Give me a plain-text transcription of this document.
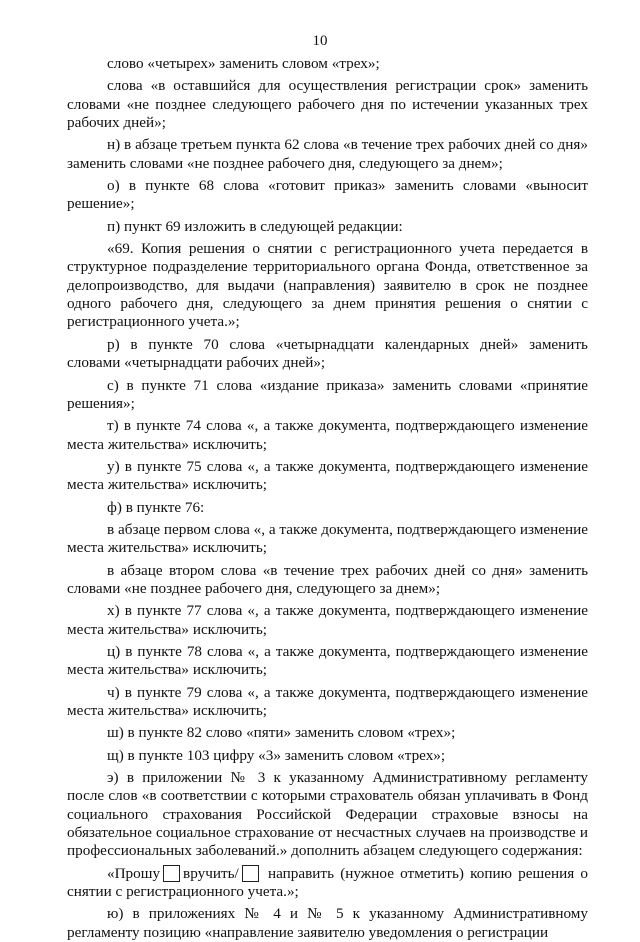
10

слово «четырех» заменить словом «трех»;

слова «в оставшийся для осуществления регистрации срок» заменить словами «не позднее следующего рабочего дня по истечении указанных трех рабочих дней»;

н) в абзаце третьем пункта 62 слова «в течение трех рабочих дней со дня» заменить словами «не позднее рабочего дня, следующего за днем»;

о) в пункте 68 слова «готовит приказ» заменить словами «выносит решение»;

п) пункт 69 изложить в следующей редакции:

«69. Копия решения о снятии с регистрационного учета передается в структурное подразделение территориального органа Фонда, ответственное за делопроизводство, для выдачи (направления) заявителю в срок не позднее одного рабочего дня, следующего за днем принятия решения о снятии с регистрационного учета.»;

р) в пункте 70 слова «четырнадцати календарных дней» заменить словами «четырнадцати рабочих дней»;

с) в пункте 71 слова «издание приказа» заменить словами «принятие решения»;

т) в пункте 74 слова «, а также документа, подтверждающего изменение места жительства» исключить;

у) в пункте 75 слова «, а также документа, подтверждающего изменение места жительства» исключить;

ф) в пункте 76:

в абзаце первом слова «, а также документа, подтверждающего изменение места жительства» исключить;

в абзаце втором слова «в течение трех рабочих дней со дня» заменить словами «не позднее рабочего дня, следующего за днем»;

х) в пункте 77 слова «, а также документа, подтверждающего изменение места жительства» исключить;

ц) в пункте 78 слова «, а также документа, подтверждающего изменение места жительства» исключить;

ч) в пункте 79 слова «, а также документа, подтверждающего изменение места жительства» исключить;

ш) в пункте 82 слово «пяти» заменить словом «трех»;

щ) в пункте 103 цифру «3» заменить словом «трех»;

э) в приложении № 3 к указанному Административному регламенту после слов «в соответствии с которыми страхователь обязан уплачивать в Фонд социального страхования Российской Федерации страховые взносы на обязательное социальное страхование от несчастных случаев на производстве и профессиональных заболеваний.» дополнить абзацем следующего содержания:

«Прошу вручить/ направить (нужное отметить) копию решения о снятии с регистрационного учета.»;

ю) в приложениях № 4 и № 5 к указанному Административному регламенту позицию «направление заявителю уведомления о регистрации
